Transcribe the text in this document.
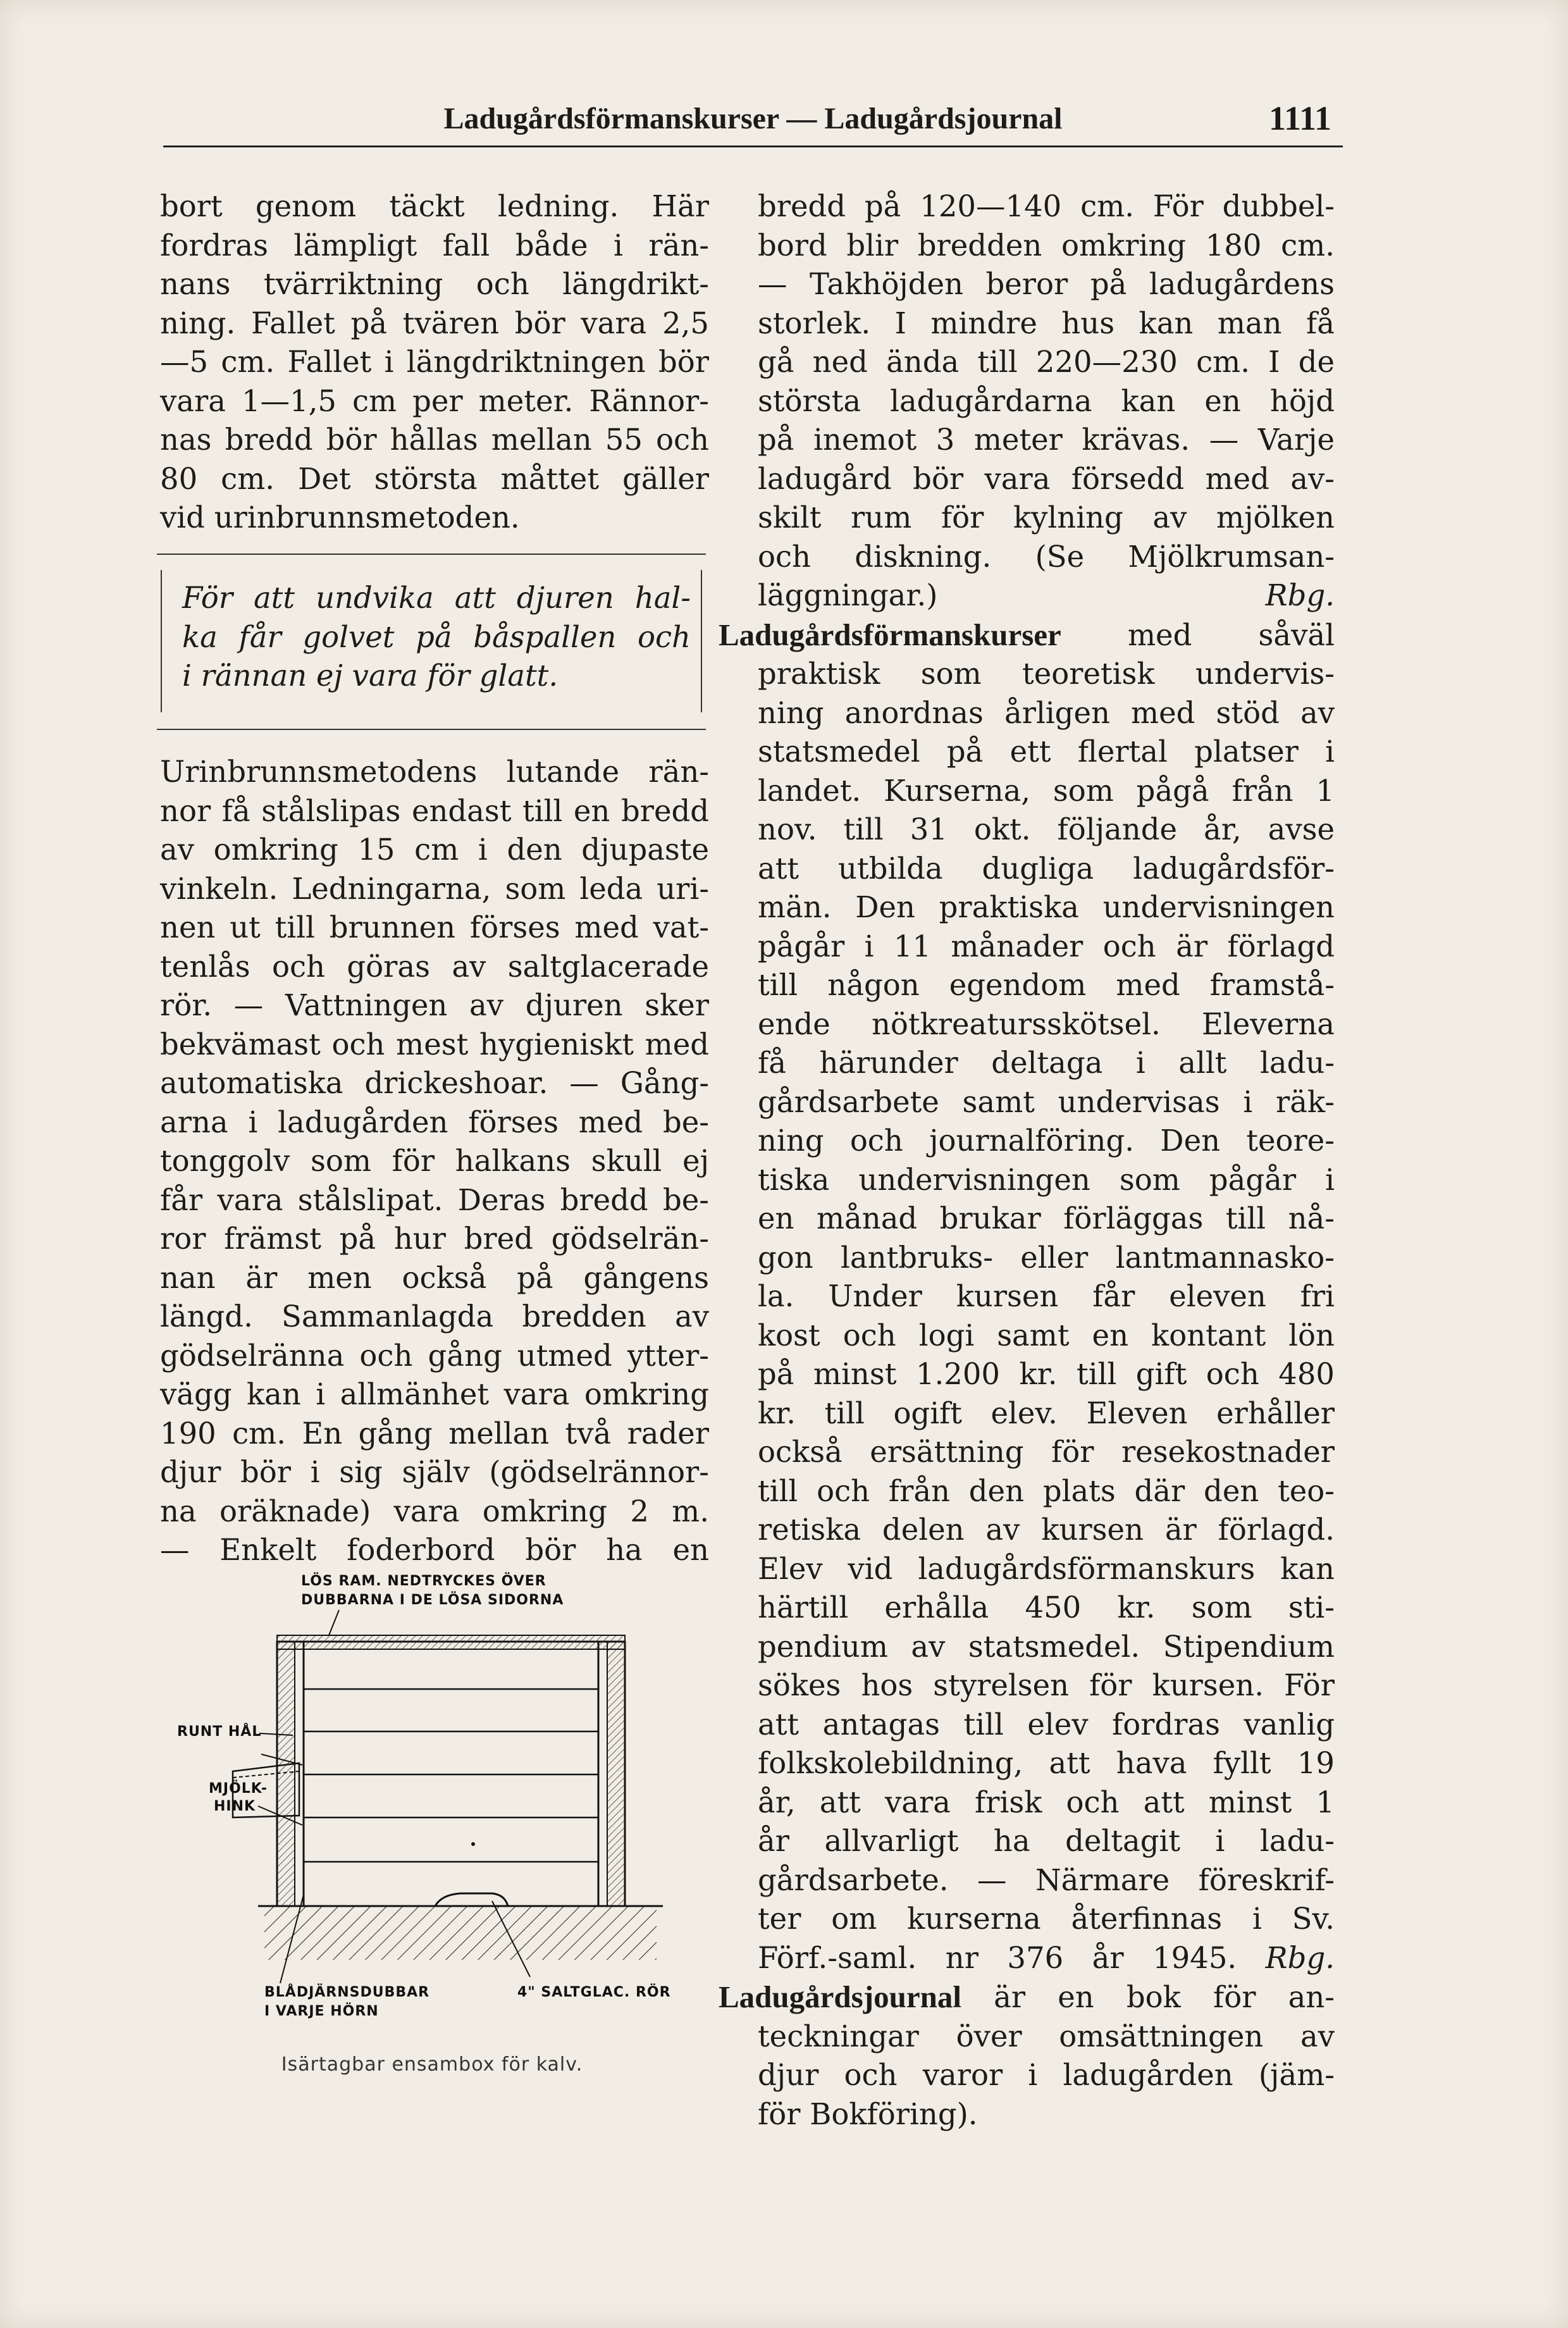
Ladugårdsförmanskurser — Ladugårdsjournal	1111

bort genom täckt ledning. Här
fordras lämpligt fall både i rän-
nans tvärriktning och längdrikt-
ning. Fallet på tvären bör vara 2,5
—5 cm. Fallet i längdriktningen bör
vara 1—1,5 cm per meter. Rännor-
nas bredd bör hållas mellan 55 och
80 cm. Det största måttet gäller
vid urinbrunnsmetoden.

För att undvika att djuren hal-
ka får golvet på båspallen och
i rännan ej vara för glatt.

Urinbrunnsmetodens lutande rän-
nor få stålslipas endast till en bredd
av omkring 15 cm i den djupaste
vinkeln. Ledningarna, som leda uri-
nen ut till brunnen förses med vat-
tenlås och göras av saltglacerade
rör. — Vattningen av djuren sker
bekvämast och mest hygieniskt med
automatiska drickeshoar. — Gång-
arna i ladugården förses med be-
tonggolv som för halkans skull ej
får vara stålslipat. Deras bredd be-
ror främst på hur bred gödselrän-
nan är men också på gångens
längd. Sammanlagda bredden av
gödselränna och gång utmed ytter-
vägg kan i allmänhet vara omkring
190 cm. En gång mellan två rader
djur bör i sig själv (gödselrännor-
na oräknade) vara omkring 2 m.
— Enkelt foderbord bör ha en

LÖS RAM. NEDTRYCKES ÖVER
DUBBARNA I DE LÖSA SIDORNA
RUNT HÅL
MJÖLK-
HINK
BLÅDJÄRNSDUBBAR
I VARJE HÖRN
4" SALTGLAC. RÖR
Isärtagbar ensambox för kalv.

bredd på 120—140 cm. För dubbel-
bord blir bredden omkring 180 cm.
— Takhöjden beror på ladugårdens
storlek. I mindre hus kan man få
gå ned ända till 220—230 cm. I de
största ladugårdarna kan en höjd
på inemot 3 meter krävas. — Varje
ladugård bör vara försedd med av-
skilt rum för kylning av mjölken
och diskning. (Se Mjölkrumsan-
läggningar.)	Rbg.

Ladugårdsförmanskurser med såväl
praktisk som teoretisk undervis-
ning anordnas årligen med stöd av
statsmedel på ett flertal platser i
landet. Kurserna, som pågå från 1
nov. till 31 okt. följande år, avse
att utbilda dugliga ladugårdsför-
män. Den praktiska undervisningen
pågår i 11 månader och är förlagd
till någon egendom med framstå-
ende nötkreatursskötsel. Eleverna
få härunder deltaga i allt ladu-
gårdsarbete samt undervisas i räk-
ning och journalföring. Den teore-
tiska undervisningen som pågår i
en månad brukar förläggas till nå-
gon lantbruks- eller lantmannasko-
la. Under kursen får eleven fri
kost och logi samt en kontant lön
på minst 1.200 kr. till gift och 480
kr. till ogift elev. Eleven erhåller
också ersättning för resekostnader
till och från den plats där den teo-
retiska delen av kursen är förlagd.
Elev vid ladugårdsförmanskurs kan
härtill erhålla 450 kr. som sti-
pendium av statsmedel. Stipendium
sökes hos styrelsen för kursen. För
att antagas till elev fordras vanlig
folkskolebildning, att hava fyllt 19
år, att vara frisk och att minst 1
år allvarligt ha deltagit i ladu-
gårdsarbete. — Närmare föreskrif-
ter om kurserna återfinnas i Sv.
Förf.-saml. nr 376 år 1945. Rbg.

Ladugårdsjournal är en bok för an-
teckningar över omsättningen av
djur och varor i ladugården (jäm-
för Bokföring).
